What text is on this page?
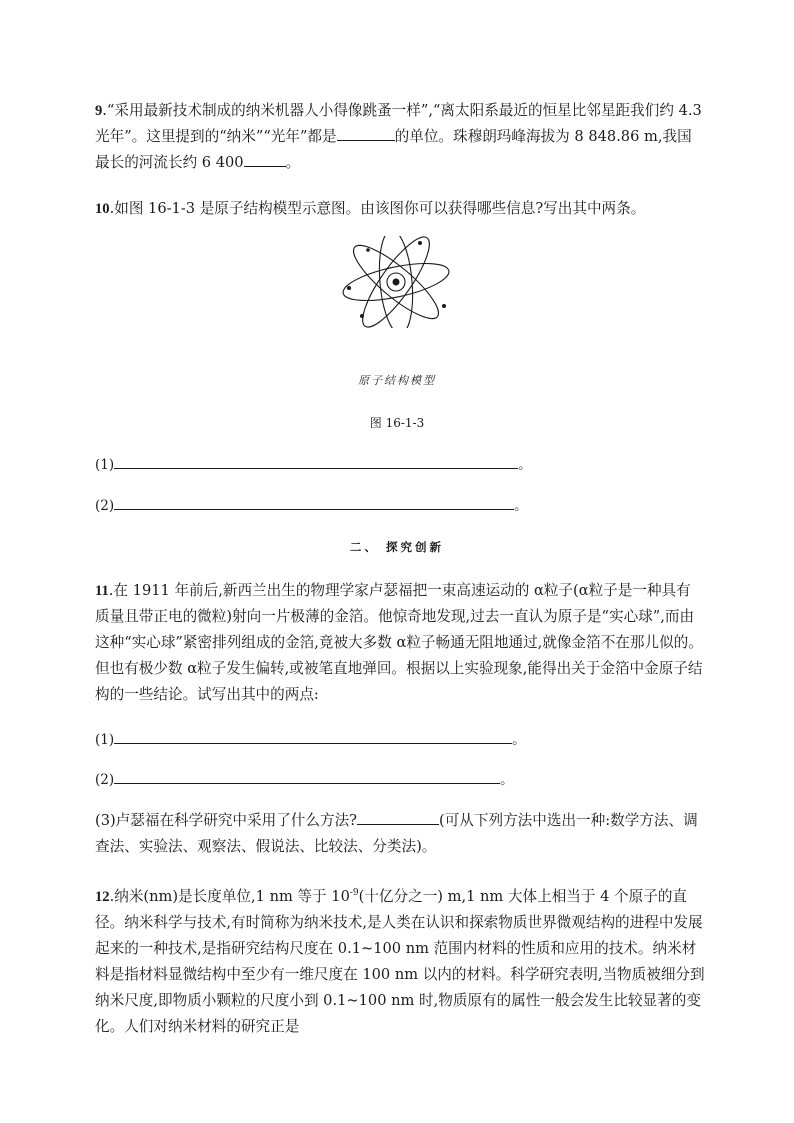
9.“采用最新技术制成的纳米机器人小得像跳蚤一样”,“离太阳系最近的恒星比邻星距我们约 4.3 光年”。这里提到的“纳米”“光年”都是	的单位。珠穆朗玛峰海拔为 8 848.86 m,我国最长的河流长约 6 400	。

10.如图 16-1-3 是原子结构模型示意图。由该图你可以获得哪些信息?写出其中两条。

原子结构模型

图 16-1-3

(1)	。

(2)	。

二、 探究创新

11.在 1911 年前后,新西兰出生的物理学家卢瑟福把一束高速运动的 α粒子(α粒子是一种具有质量且带正电的微粒)射向一片极薄的金箔。他惊奇地发现,过去一直认为原子是“实心球”,而由这种“实心球”紧密排列组成的金箔,竟被大多数 α粒子畅通无阻地通过,就像金箔不在那儿似的。但也有极少数 α粒子发生偏转,或被笔直地弹回。根据以上实验现象,能得出关于金箔中金原子结构的一些结论。试写出其中的两点:

(1)	。

(2)	。

(3)卢瑟福在科学研究中采用了什么方法?	(可从下列方法中选出一种:数学方法、调查法、实验法、观察法、假说法、比较法、分类法)。

12.纳米(nm)是长度单位,1 nm 等于 $10^{-9}$(十亿分之一) m,1 nm 大体上相当于 4 个原子的直径。纳米科学与技术,有时简称为纳米技术,是人类在认识和探索物质世界微观结构的进程中发展起来的一种技术,是指研究结构尺度在 0.1~100 nm 范围内材料的性质和应用的技术。纳米材料是指材料显微结构中至少有一维尺度在 100 nm 以内的材料。科学研究表明,当物质被细分到纳米尺度,即物质小颗粒的尺度小到 0.1~100 nm 时,物质原有的属性一般会发生比较显著的变化。人们对纳米材料的研究正是
